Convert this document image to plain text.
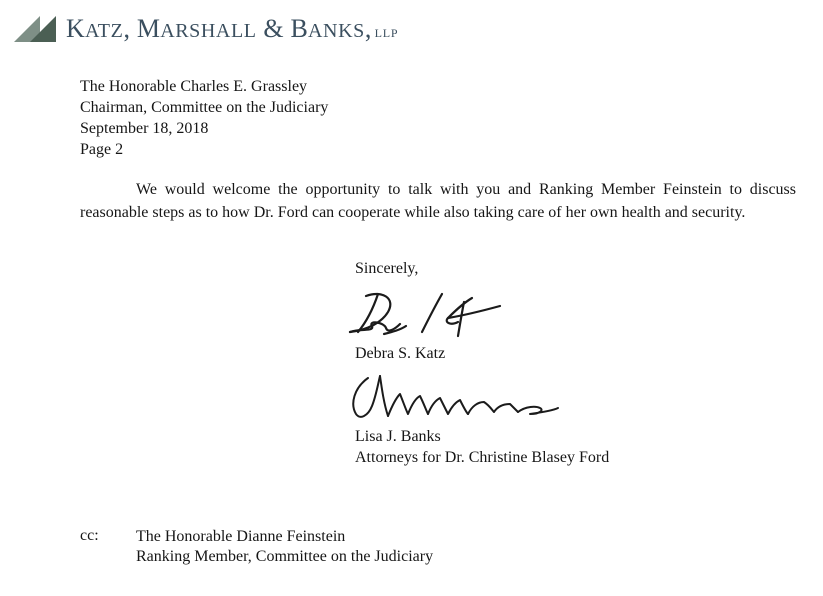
KATZ, MARSHALL & BANKS, LLP
The Honorable Charles E. Grassley
Chairman, Committee on the Judiciary
September 18, 2018
Page 2
We would welcome the opportunity to talk with you and Ranking Member Feinstein to discuss reasonable steps as to how Dr. Ford can cooperate while also taking care of her own health and security.
Sincerely,
Debra S. Katz
Lisa J. Banks
Attorneys for Dr. Christine Blasey Ford
cc: The Honorable Dianne Feinstein
Ranking Member, Committee on the Judiciary
